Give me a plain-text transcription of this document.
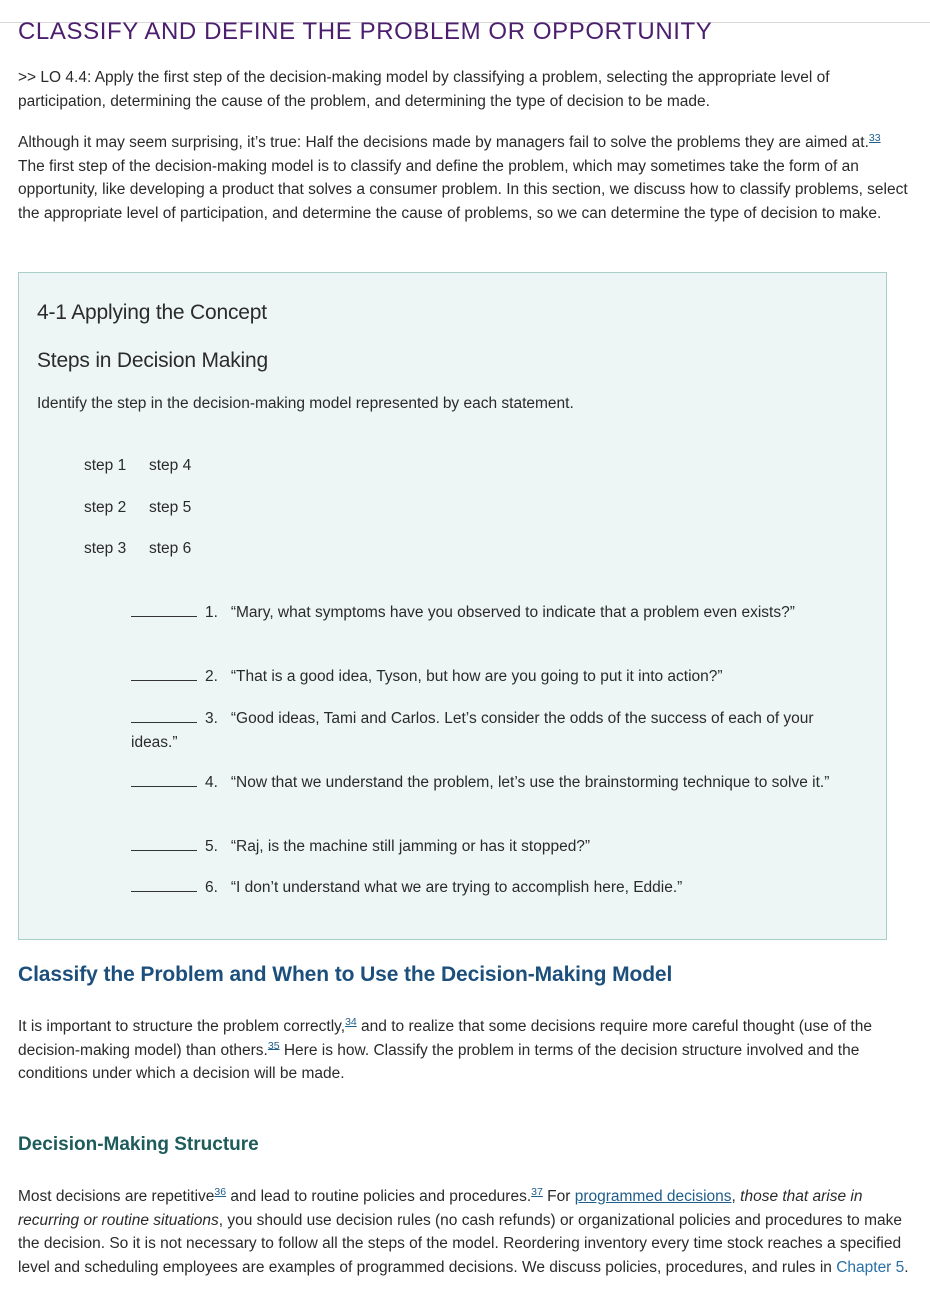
CLASSIFY AND DEFINE THE PROBLEM OR OPPORTUNITY

>> LO 4.4: Apply the first step of the decision-making model by classifying a problem, selecting the appropriate level of participation, determining the cause of the problem, and determining the type of decision to be made.

Although it may seem surprising, it’s true: Half the decisions made by managers fail to solve the problems they are aimed at.$^{33}$ The first step of the decision-making model is to classify and define the problem, which may sometimes take the form of an opportunity, like developing a product that solves a consumer problem. In this section, we discuss how to classify problems, select the appropriate level of participation, and determine the cause of problems, so we can determine the type of decision to make.

4-1 Applying the Concept
Steps in Decision Making
Identify the step in the decision-making model represented by each statement.
step 1 step 4
step 2 step 5
step 3 step 6
1. “Mary, what symptoms have you observed to indicate that a problem even exists?”
2. “That is a good idea, Tyson, but how are you going to put it into action?”
3. “Good ideas, Tami and Carlos. Let’s consider the odds of the success of each of your ideas.”
4. “Now that we understand the problem, let’s use the brainstorming technique to solve it.”
5. “Raj, is the machine still jamming or has it stopped?”
6. “I don’t understand what we are trying to accomplish here, Eddie.”
Classify the Problem and When to Use the Decision-Making Model

It is important to structure the problem correctly,$^{34}$ and to realize that some decisions require more careful thought (use of the decision-making model) than others.$^{35}$ Here is how. Classify the problem in terms of the decision structure involved and the conditions under which a decision will be made.

Decision-Making Structure

Most decisions are repetitive$^{36}$ and lead to routine policies and procedures.$^{37}$ For programmed decisions, those that arise in recurring or routine situations, you should use decision rules (no cash refunds) or organizational policies and procedures to make the decision. So it is not necessary to follow all the steps of the model. Reordering inventory every time stock reaches a specified level and scheduling employees are examples of programmed decisions. We discuss policies, procedures, and rules in Chapter 5.
